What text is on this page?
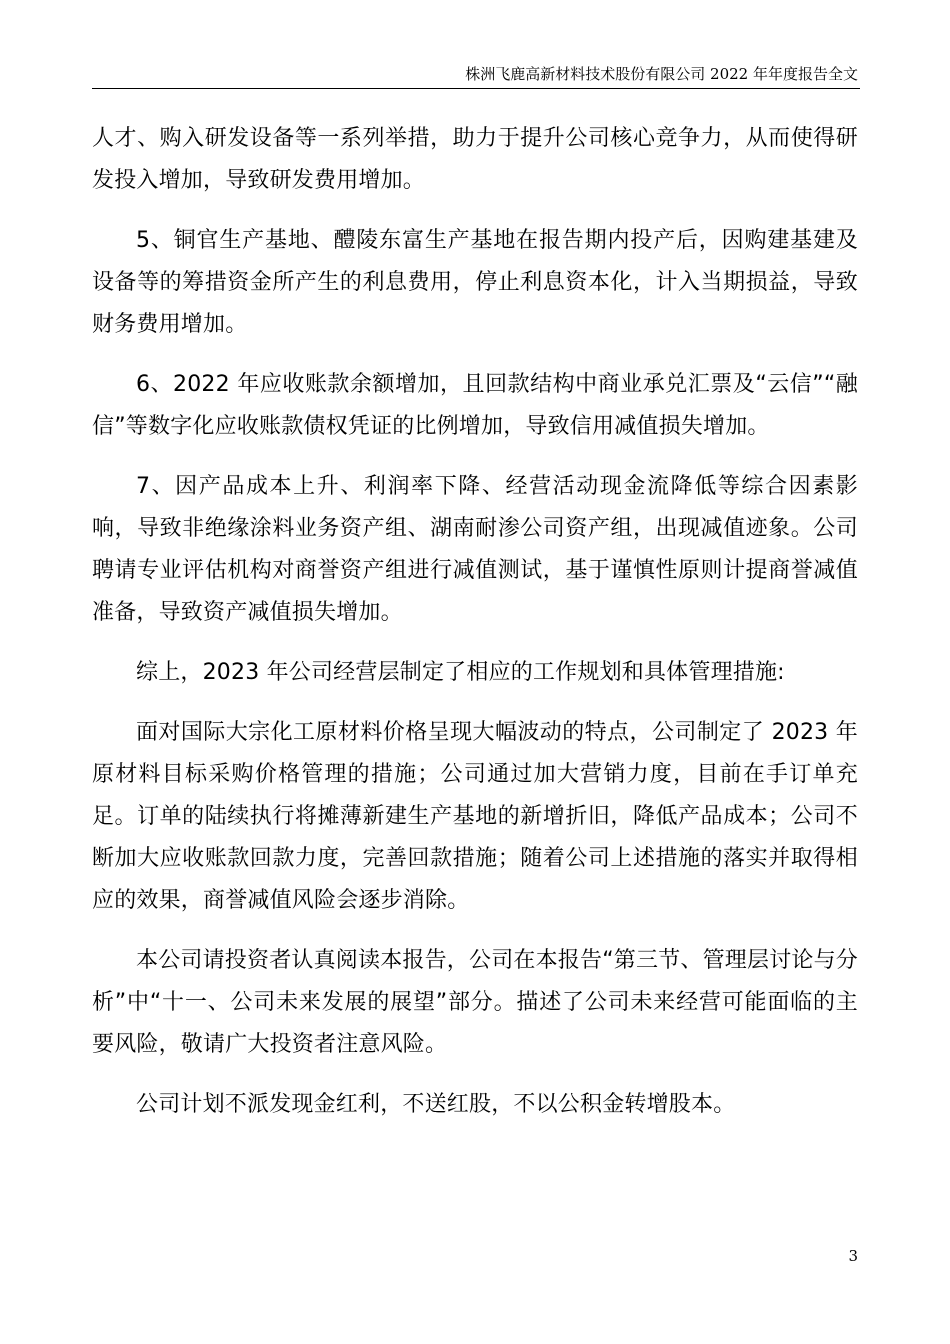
株洲飞鹿高新材料技术股份有限公司 2022 年年度报告全文

人才、购入研发设备等一系列举措，助力于提升公司核心竞争力，从而使得研发投入增加，导致研发费用增加。

5、铜官生产基地、醴陵东富生产基地在报告期内投产后，因购建基建及设备等的筹措资金所产生的利息费用，停止利息资本化，计入当期损益，导致财务费用增加。

6、2022 年应收账款余额增加，且回款结构中商业承兑汇票及“云信”“融信”等数字化应收账款债权凭证的比例增加，导致信用减值损失增加。

7、因产品成本上升、利润率下降、经营活动现金流降低等综合因素影响，导致非绝缘涂料业务资产组、湖南耐渗公司资产组，出现减值迹象。公司聘请专业评估机构对商誉资产组进行减值测试，基于谨慎性原则计提商誉减值准备，导致资产减值损失增加。

综上，2023 年公司经营层制定了相应的工作规划和具体管理措施:

面对国际大宗化工原材料价格呈现大幅波动的特点，公司制定了 2023 年原材料目标采购价格管理的措施；公司通过加大营销力度，目前在手订单充足。订单的陆续执行将摊薄新建生产基地的新增折旧，降低产品成本；公司不断加大应收账款回款力度，完善回款措施；随着公司上述措施的落实并取得相应的效果，商誉减值风险会逐步消除。

本公司请投资者认真阅读本报告，公司在本报告“第三节、管理层讨论与分析”中“十一、公司未来发展的展望”部分。描述了公司未来经营可能面临的主要风险，敬请广大投资者注意风险。

公司计划不派发现金红利，不送红股，不以公积金转增股本。

3
